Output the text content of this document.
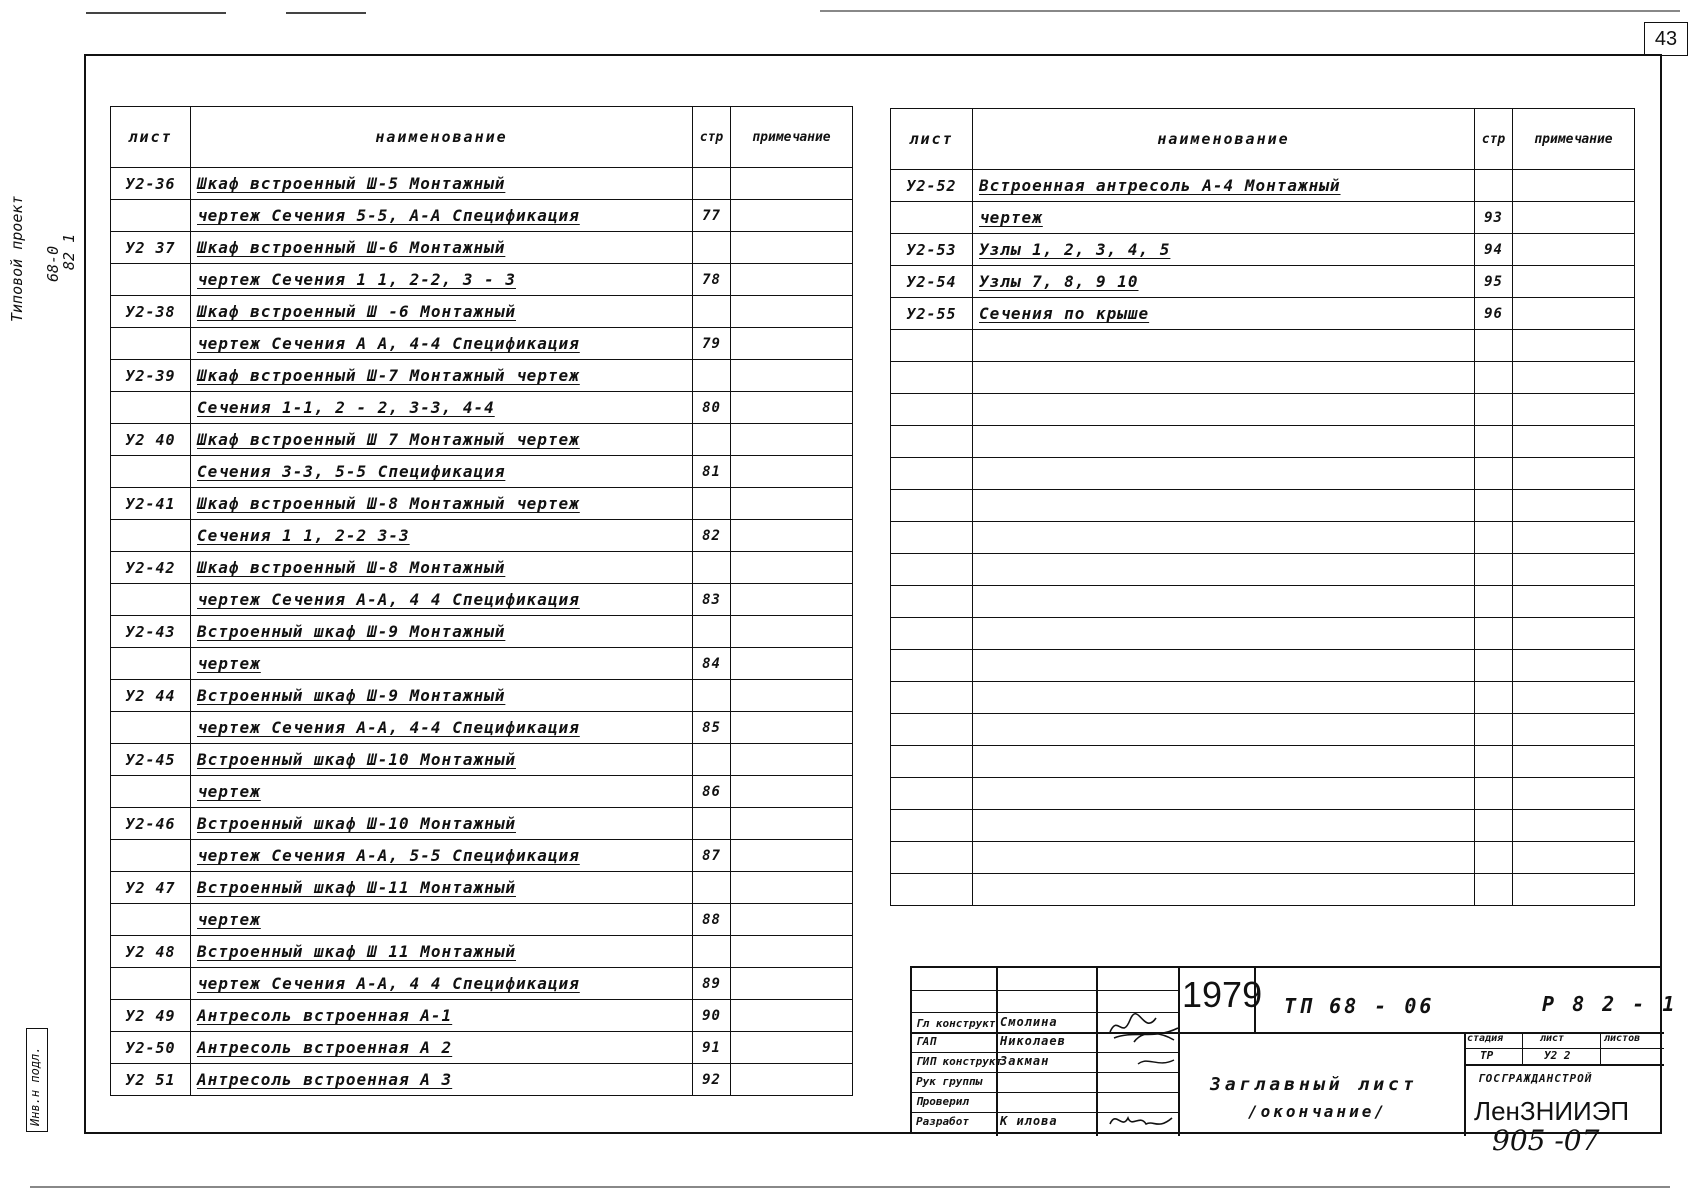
43
Типовой проект 68-0
82 1
Инв.н подл.
лист	наименование	стр	примечание
У2-36	Шкаф встроенный Ш-5 Монтажный		
	чертеж Сечения 5-5, А-А Спецификация	77	
У2 37	Шкаф встроенный Ш-6 Монтажный		
	чертеж Сечения 1 1, 2-2, 3 - 3	78	
У2-38	Шкаф встроенный Ш -6 Монтажный		
	чертеж Сечения А А, 4-4 Спецификация	79	
У2-39	Шкаф встроенный Ш-7 Монтажный чертеж		
	Сечения 1-1, 2 - 2, 3-3, 4-4	80	
У2 40	Шкаф встроенный Ш 7 Монтажный чертеж		
	Сечения 3-3, 5-5 Спецификация	81	
У2-41	Шкаф встроенный Ш-8 Монтажный чертеж		
	Сечения 1 1, 2-2 3-3	82	
У2-42	Шкаф встроенный Ш-8 Монтажный		
	чертеж Сечения А-А, 4 4 Спецификация	83	
У2-43	Встроенный шкаф Ш-9 Монтажный		
	чертеж	84	
У2 44	Встроенный шкаф Ш-9 Монтажный		
	чертеж Сечения А-А, 4-4 Спецификация	85	
У2-45	Встроенный шкаф Ш-10 Монтажный		
	чертеж	86	
У2-46	Встроенный шкаф Ш-10 Монтажный		
	чертеж Сечения А-А, 5-5 Спецификация	87	
У2 47	Встроенный шкаф Ш-11 Монтажный		
	чертеж	88	
У2 48	Встроенный шкаф Ш 11 Монтажный		
	чертеж Сечения А-А, 4 4 Спецификация	89	
У2 49	Антресоль встроенная А-1	90	
У2-50	Антресоль встроенная А 2	91	
У2 51	Антресоль встроенная А 3	92	
лист	наименование	стр	примечание
У2-52	Встроенная антресоль А-4 Монтажный		
	чертеж	93	
У2-53	Узлы 1, 2, 3, 4, 5	94	
У2-54	Узлы 7, 8, 9 10	95	
У2-55	Сечения по крыше	96	

Гл конструкт Смолина
ГАП	Николаев
ГИП конструкт
Закман
Рук группы
Проверил
Разработ	К илова
1979 ТП 68 - 06	Р 8 2 - 1
Заглавный лист
/окончание/
стадия	лист	листов
ТР	У2 2
ГОСГРАЖДАНСТРОЙ
ЛенЗНИИЭП
905 -07
